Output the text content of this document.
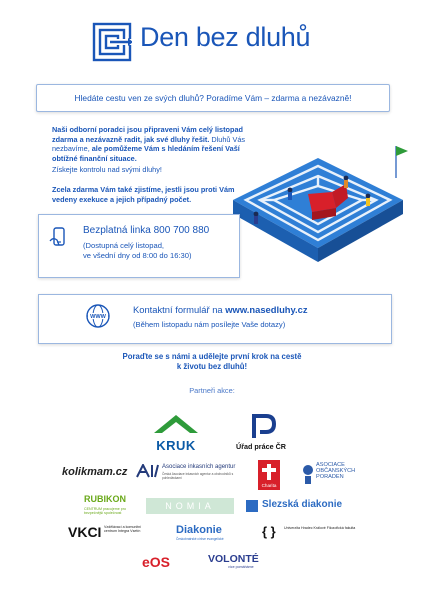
Den bez dluhů
Hledáte cestu ven ze svých dluhů? Poradíme Vám – zdarma a nezávazně!
Naši odborní poradci jsou připraveni Vám celý listopad zdarma a nezávazně radit, jak své dluhy řešit. Dluhů Vás nezbavíme, ale pomůžeme Vám s hledáním řešení Vaší obtížné finanční situace.
Získejte kontrolu nad svými dluhy!
Zcela zdarma Vám také zjistíme, jestli jsou proti Vám vedeny exekuce a jejich případný počet.
Bezplatná linka 800 700 880
(Dostupná celý listopad,
ve všední dny od 8:00 do 16:30)
WWW
Kontaktní formulář na www.nasedluhy.cz
(Během listopadu nám posílejte Vaše dotazy)
Poraďte se s námi a udělejte první krok na cestě
k životu bez dluhů!
Partneři akce:
KRUK	Úřad práce ČR
kolikmam.cz	Asociace inkasních agentur
Česká Asociace inkasních agentur a obchodníků s pohledávkami
Charita
ASOCIACE OBČANSKÝCH PORADEN
RUBIKON
CENTRUM pracujeme pro bezpečnější společnost
NOMIA	Slezská diakonie
VKCI Vzdělávací a komunitní centrum Integra Vsetín	Diakonie
Českobratrské církve evangelické	{ } Univerzita Hradec Králové Filozofická fakulta
eOS	VOLONTÉ
více pomáháme
